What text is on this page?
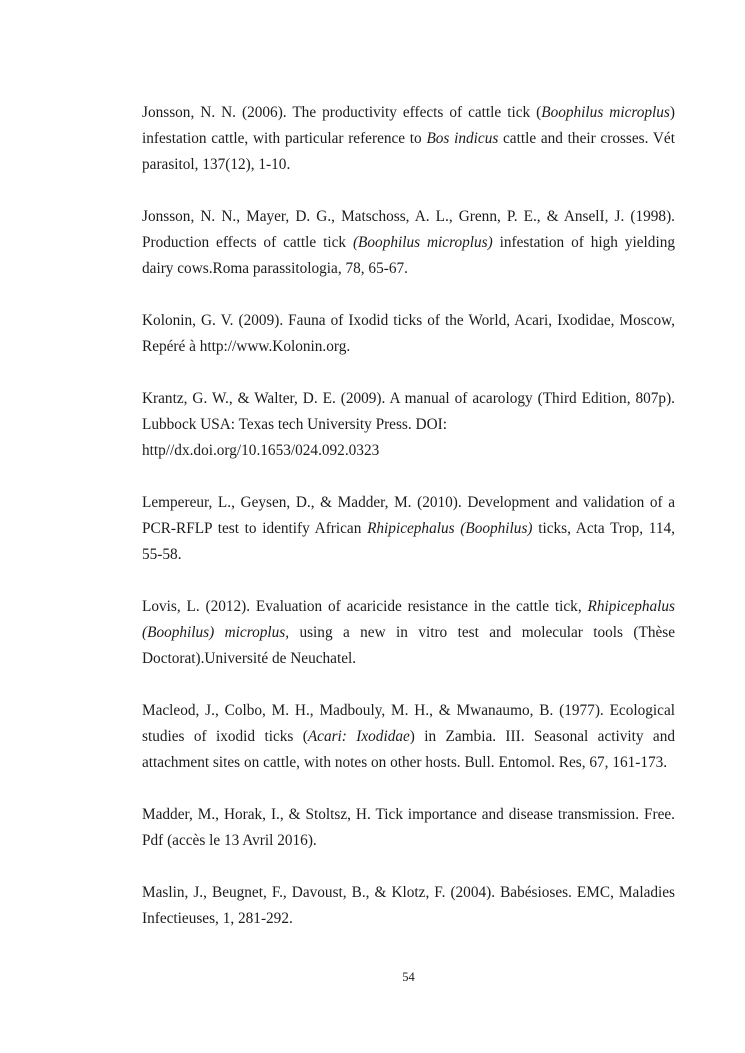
Jonsson, N. N. (2006). The productivity effects of cattle tick (Boophilus microplus) infestation cattle, with particular reference to Bos indicus cattle and their crosses. Vét parasitol, 137(12), 1-10.

Jonsson, N. N., Mayer, D. G., Matschoss, A. L., Grenn, P. E., & AnselI, J. (1998). Production effects of cattle tick (Boophilus microplus) infestation of high yielding dairy cows.Roma parassitologia, 78, 65-67.

Kolonin, G. V. (2009). Fauna of Ixodid ticks of the World, Acari, Ixodidae, Moscow, Repéré à http://www.Kolonin.org.

Krantz, G. W., & Walter, D. E. (2009). A manual of acarology (Third Edition, 807p). Lubbock USA: Texas tech University Press. DOI:
http//dx.doi.org/10.1653/024.092.0323

Lempereur, L., Geysen, D., & Madder, M. (2010). Development and validation of a PCR-RFLP test to identify African Rhipicephalus (Boophilus) ticks, Acta Trop, 114, 55-58.

Lovis, L. (2012). Evaluation of acaricide resistance in the cattle tick, Rhipicephalus (Boophilus) microplus, using a new in vitro test and molecular tools (Thèse Doctorat).Université de Neuchatel.

Macleod, J., Colbo, M. H., Madbouly, M. H., & Mwanaumo, B. (1977). Ecological studies of ixodid ticks (Acari: Ixodidae) in Zambia. III. Seasonal activity and attachment sites on cattle, with notes on other hosts. Bull. Entomol. Res, 67, 161-173.

Madder, M., Horak, I., & Stoltsz, H. Tick importance and disease transmission. Free. Pdf (accès le 13 Avril 2016).

Maslin, J., Beugnet, F., Davoust, B., & Klotz, F. (2004). Babésioses. EMC, Maladies Infectieuses, 1, 281-292.

54
